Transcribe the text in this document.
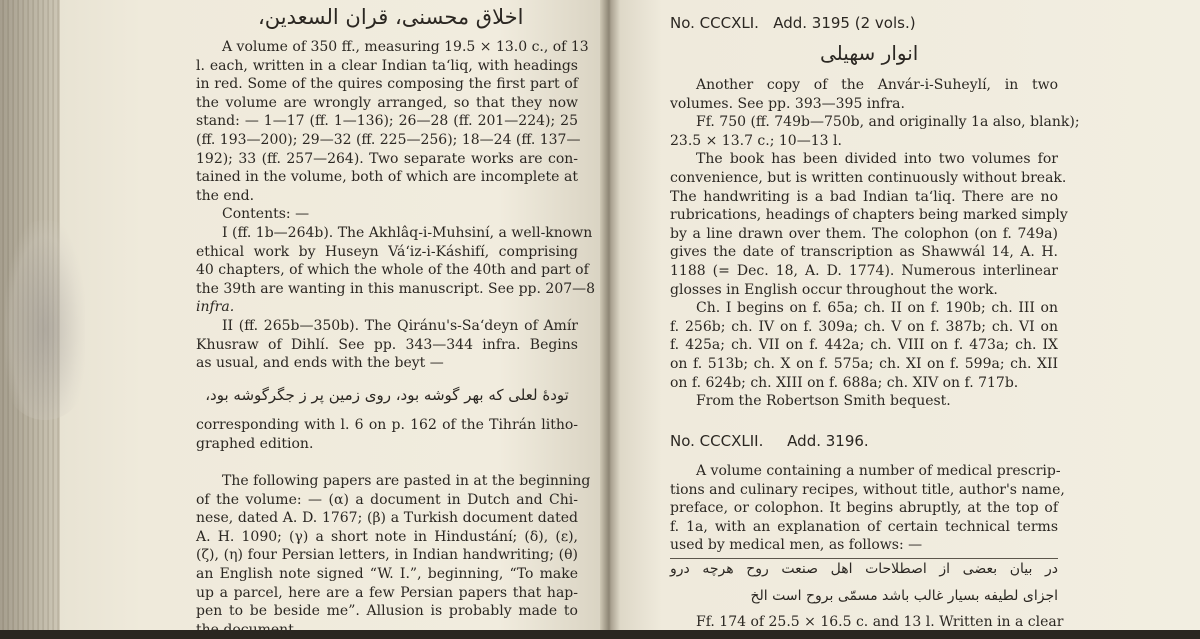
اخلاق محسنی، قران السعدین،
A volume of 350 ff., measuring 19.5 × 13.0 c., of 13
l. each, written in a clear Indian ta‘liq, with headings
in red. Some of the quires composing the first part of
the volume are wrongly arranged, so that they now
stand: — 1—17 (ff. 1—136); 26—28 (ff. 201—224); 25
(ff. 193—200); 29—32 (ff. 225—256); 18—24 (ff. 137—
192); 33 (ff. 257—264). Two separate works are con-
tained in the volume, both of which are incomplete at
the end.
Contents: —
I (ff. 1b—264b). The Akhlâq-i-Muhsiní, a well-known
ethical work by Huseyn Vá‘iz-i-Káshifí, comprising
40 chapters, of which the whole of the 40th and part of
the 39th are wanting in this manuscript. See pp. 207—8
infra.
II (ff. 265b—350b). The Qiránu's-Sa‘deyn of Amír
Khusraw of Dihlí. See pp. 343—344 infra. Begins
as usual, and ends with the beyt —
تودهٔ لعلی که بهر گوشه بود، روی زمین پر ز جگرگوشه بود،
corresponding with l. 6 on p. 162 of the Tihrán litho-
graphed edition.
The following papers are pasted in at the beginning
of the volume: — (α) a document in Dutch and Chi-
nese, dated A. D. 1767; (β) a Turkish document dated
A. H. 1090; (γ) a short note in Hindustání; (δ), (ε),
(ζ), (η) four Persian letters, in Indian handwriting; (θ)
an English note signed “W. I.”, beginning, “To make
up a parcel, here are a few Persian papers that hap-
pen to be beside me”. Allusion is probably made to
the document...
No. CCCXLI.   Add. 3195 (2 vols.)
انوار سهیلی
Another copy of the Anvár-i-Suheylí, in two
volumes. See pp. 393—395 infra.
Ff. 750 (ff. 749b—750b, and originally 1a also, blank);
23.5 × 13.7 c.; 10—13 l.
The book has been divided into two volumes for
convenience, but is written continuously without break.
The handwriting is a bad Indian ta‘liq. There are no
rubrications, headings of chapters being marked simply
by a line drawn over them. The colophon (on f. 749a)
gives the date of transcription as Shawwál 14, A. H.
1188 (= Dec. 18, A. D. 1774). Numerous interlinear
glosses in English occur throughout the work.
Ch. I begins on f. 65a; ch. II on f. 190b; ch. III on
f. 256b; ch. IV on f. 309a; ch. V on f. 387b; ch. VI on
f. 425a; ch. VII on f. 442a; ch. VIII on f. 473a; ch. IX
on f. 513b; ch. X on f. 575a; ch. XI on f. 599a; ch. XII
on f. 624b; ch. XIII on f. 688a; ch. XIV on f. 717b.
From the Robertson Smith bequest.
No. CCCXLII.     Add. 3196.
A volume containing a number of medical prescrip-
tions and culinary recipes, without title, author's name,
preface, or colophon. It begins abruptly, at the top of
f. 1a, with an explanation of certain technical terms
used by medical men, as follows: —
در بیان بعضی از اصطلاحات اهل صنعت روح هرچه درو
اجزای لطیفه بسیار غالب باشد مسمّی بروح است الخ
Ff. 174 of 25.5 × 16.5 c. and 13 l. Written in a clear
